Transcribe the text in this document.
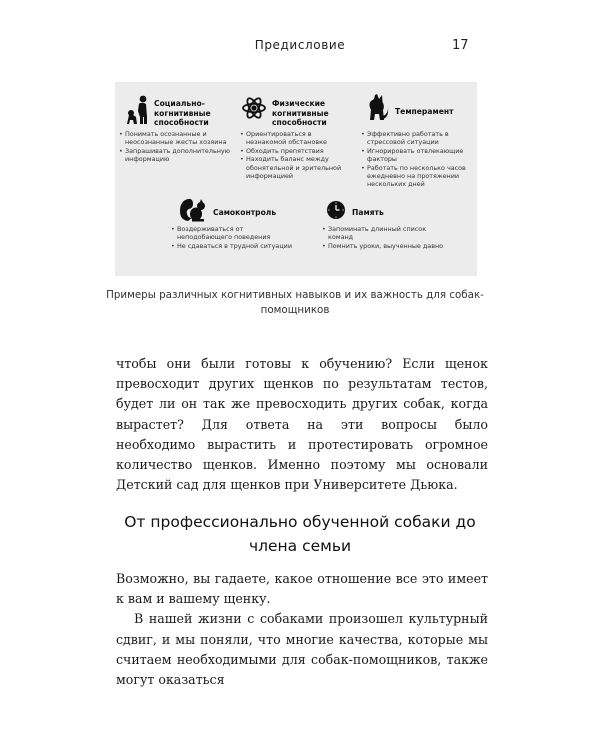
Предисловие	17
Социально-когнитивные способности
• Понимать осознанные и неосознанные жесты хозяина
• Запрашивать дополнительную информацию
Физические когнитивные способности
• Ориентироваться в незнакомой обстановке
• Обходить препятствия
• Находить баланс между обонятельной и зрительной информацией
Темперамент
• Эффективно работать в стрессовой ситуации
• Игнорировать отвлекающие факторы
• Работать по несколько часов ежедневно на протяжении нескольких дней
Самоконтроль
• Воздерживаться от неподобающего поведения
• Не сдаваться в трудной ситуации
Память
• Запоминать длинный список команд
• Помнить уроки, выученные давно
Примеры различных когнитивных навыков и их важность для собак-помощников

чтобы они были готовы к обучению? Если щенок превосходит других щенков по результатам тестов, будет ли он так же превосходить других собак, когда вырастет? Для ответа на эти вопросы было необходимо вырастить и протестировать огромное количество щенков. Именно поэтому мы основали Детский сад для щенков при Университете Дьюка.

От профессионально обученной собаки до члена семьи

Возможно, вы гадаете, какое отношение все это имеет к вам и вашему щенку.

В нашей жизни с собаками произошел культурный сдвиг, и мы поняли, что многие качества, которые мы считаем необходимыми для собак-помощников, также могут оказаться
